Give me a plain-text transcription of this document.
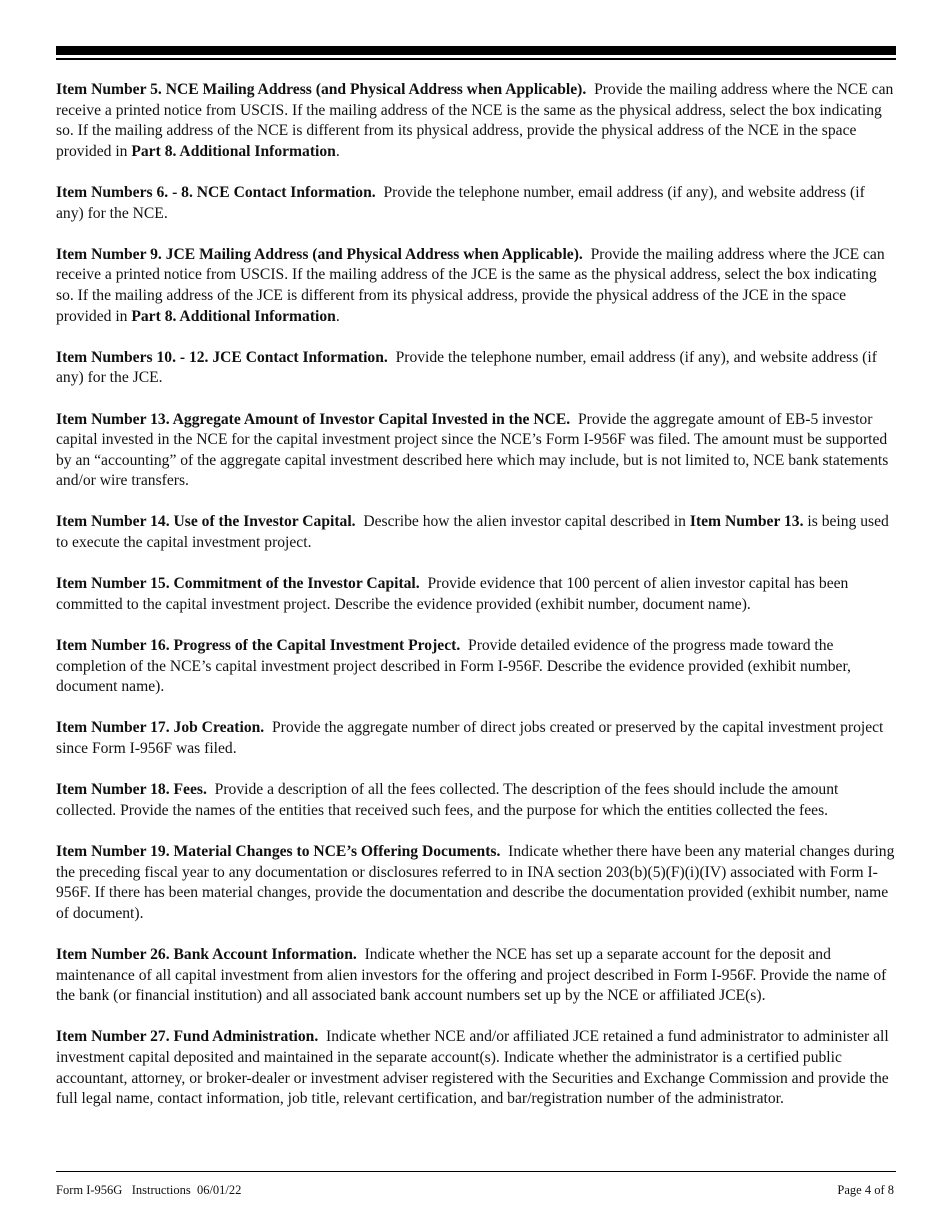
Item Number 5. NCE Mailing Address (and Physical Address when Applicable). Provide the mailing address where the NCE can receive a printed notice from USCIS. If the mailing address of the NCE is the same as the physical address, select the box indicating so. If the mailing address of the NCE is different from its physical address, provide the physical address of the NCE in the space provided in Part 8. Additional Information.

Item Numbers 6. - 8. NCE Contact Information. Provide the telephone number, email address (if any), and website address (if any) for the NCE.

Item Number 9. JCE Mailing Address (and Physical Address when Applicable). Provide the mailing address where the JCE can receive a printed notice from USCIS. If the mailing address of the JCE is the same as the physical address, select the box indicating so. If the mailing address of the JCE is different from its physical address, provide the physical address of the JCE in the space provided in Part 8. Additional Information.

Item Numbers 10. - 12. JCE Contact Information. Provide the telephone number, email address (if any), and website address (if any) for the JCE.

Item Number 13. Aggregate Amount of Investor Capital Invested in the NCE. Provide the aggregate amount of EB-5 investor capital invested in the NCE for the capital investment project since the NCE’s Form I-956F was filed. The amount must be supported by an “accounting” of the aggregate capital investment described here which may include, but is not limited to, NCE bank statements and/or wire transfers.

Item Number 14. Use of the Investor Capital. Describe how the alien investor capital described in Item Number 13. is being used to execute the capital investment project.

Item Number 15. Commitment of the Investor Capital. Provide evidence that 100 percent of alien investor capital has been committed to the capital investment project. Describe the evidence provided (exhibit number, document name).

Item Number 16. Progress of the Capital Investment Project. Provide detailed evidence of the progress made toward the completion of the NCE’s capital investment project described in Form I-956F. Describe the evidence provided (exhibit number, document name).

Item Number 17. Job Creation. Provide the aggregate number of direct jobs created or preserved by the capital investment project since Form I-956F was filed.

Item Number 18. Fees. Provide a description of all the fees collected. The description of the fees should include the amount collected. Provide the names of the entities that received such fees, and the purpose for which the entities collected the fees.

Item Number 19. Material Changes to NCE’s Offering Documents. Indicate whether there have been any material changes during the preceding fiscal year to any documentation or disclosures referred to in INA section 203(b)(5)(F)(i)(IV) associated with Form I-956F. If there has been material changes, provide the documentation and describe the documentation provided (exhibit number, name of document).

Item Number 26. Bank Account Information. Indicate whether the NCE has set up a separate account for the deposit and maintenance of all capital investment from alien investors for the offering and project described in Form I-956F. Provide the name of the bank (or financial institution) and all associated bank account numbers set up by the NCE or affiliated JCE(s).

Item Number 27. Fund Administration. Indicate whether NCE and/or affiliated JCE retained a fund administrator to administer all investment capital deposited and maintained in the separate account(s). Indicate whether the administrator is a certified public accountant, attorney, or broker-dealer or investment adviser registered with the Securities and Exchange Commission and provide the full legal name, contact information, job title, relevant certification, and bar/registration number of the administrator.

Form I-956G   Instructions  06/01/22	Page 4 of 8
